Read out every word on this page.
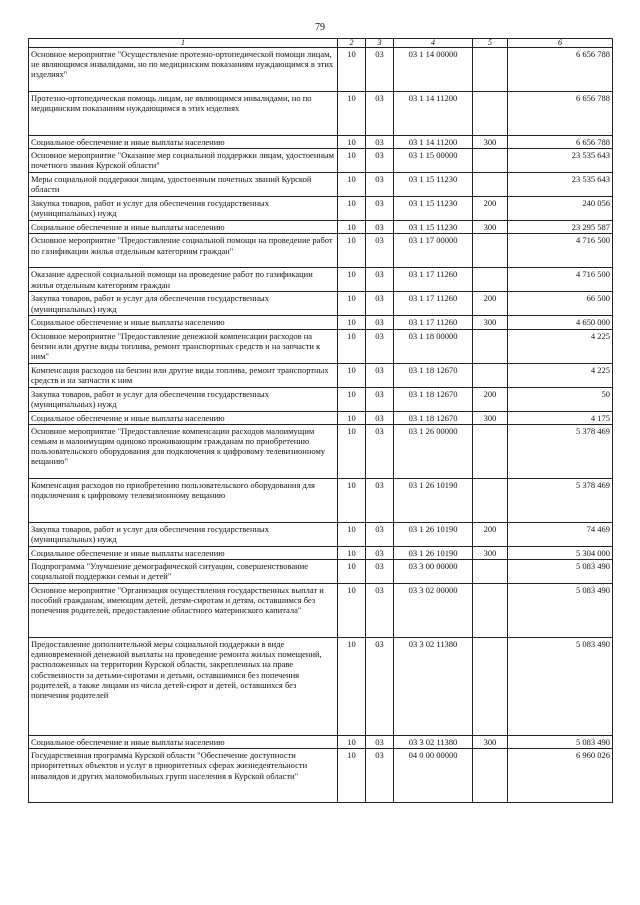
79
1	2	3	4	5	6
Основное мероприятие "Осуществление протезно-ортопедической помощи лицам, не являющимся инвалидами, но по медицинским показаниям нуждающимся в этих изделиях"	10	03	03 1 14 00000		6 656 788
Протезно-ортопедическая помощь лицам, не являющимся инвалидами, но по медицинским показаниям нуждающимся в этих изделиях	10	03	03 1 14 11200		6 656 788
Социальное обеспечение и иные выплаты населению	10	03	03 1 14 11200	300	6 656 788
Основное мероприятие "Оказание мер социальной поддержки лицам, удостоенным почетного звания Курской области"	10	03	03 1 15 00000		23 535 643
Меры социальной поддержки лицам, удостоенным почетных званий Курской области	10	03	03 1 15 11230		23 535 643
Закупка товаров, работ и услуг для обеспечения государственных (муниципальных) нужд	10	03	03 1 15 11230	200	240 056
Социальное обеспечение и иные выплаты населению	10	03	03 1 15 11230	300	23 295 587
Основное мероприятие "Предоставление социальной помощи на проведение работ по газификации жилья отдельным категориям граждан"	10	03	03 1 17 00000		4 716 500
Оказание адресной социальной помощи на проведение работ по газификации жилья отдельным категориям граждан	10	03	03 1 17 11260		4 716 500
Закупка товаров, работ и услуг для обеспечения государственных (муниципальных) нужд	10	03	03 1 17 11260	200	66 500
Социальное обеспечение и иные выплаты населению	10	03	03 1 17 11260	300	4 650 000
Основное мероприятие "Предоставление денежной компенсации расходов на бензин или другие виды топлива, ремонт транспортных средств и на запчасти к ним"	10	03	03 1 18 00000		4 225
Компенсация расходов на бензин или другие виды топлива, ремонт транспортных средств и на запчасти к ним	10	03	03 1 18 12670		4 225
Закупка товаров, работ и услуг для обеспечения государственных (муниципальных) нужд	10	03	03 1 18 12670	200	50
Социальное обеспечение и иные выплаты населению	10	03	03 1 18 12670	300	4 175
Основное мероприятие "Предоставление компенсации расходов малоимущим семьям и малоимущим одиноко проживающим гражданам по приобретению пользовательского оборудования для подключения к цифровому телевизионному вещанию"	10	03	03 1 26 00000		5 378 469
Компенсация расходов по приобретению пользовательского оборудования для подключения к цифровому телевизионному вещанию	10	03	03 1 26 10190		5 378 469
Закупка товаров, работ и услуг для обеспечения государственных (муниципальных) нужд	10	03	03 1 26 10190	200	74 469
Социальное обеспечение и иные выплаты населению	10	03	03 1 26 10190	300	5 304 000
Подпрограмма "Улучшение демографической ситуации, совершенствование социальной поддержки семьи и детей"	10	03	03 3 00 00000		5 083 490
Основное мероприятие "Организация осуществления государственных выплат и пособий гражданам, имеющим детей, детям-сиротам и детям, оставшимся без попечения родителей, предоставление областного материнского капитала"	10	03	03 3 02 00000		5 083 490
Предоставление дополнительной меры социальной поддержки в виде единовременной денежной выплаты на проведение ремонта жилых помещений, расположенных на территории Курской области, закрепленных на праве собственности за детьми-сиротами и детьми, оставшимися без попечения родителей, а также лицами из числа детей-сирот и детей, оставшихся без попечения родителей	10	03	03 3 02 11380		5 083 490
Социальное обеспечение и иные выплаты населению	10	03	03 3 02 11380	300	5 083 490
Государственная программа Курской области "Обеспечение доступности приоритетных объектов и услуг в приоритетных сферах жизнедеятельности инвалидов и других маломобильных групп населения в Курской области"	10	03	04 0 00 00000		6 960 026
